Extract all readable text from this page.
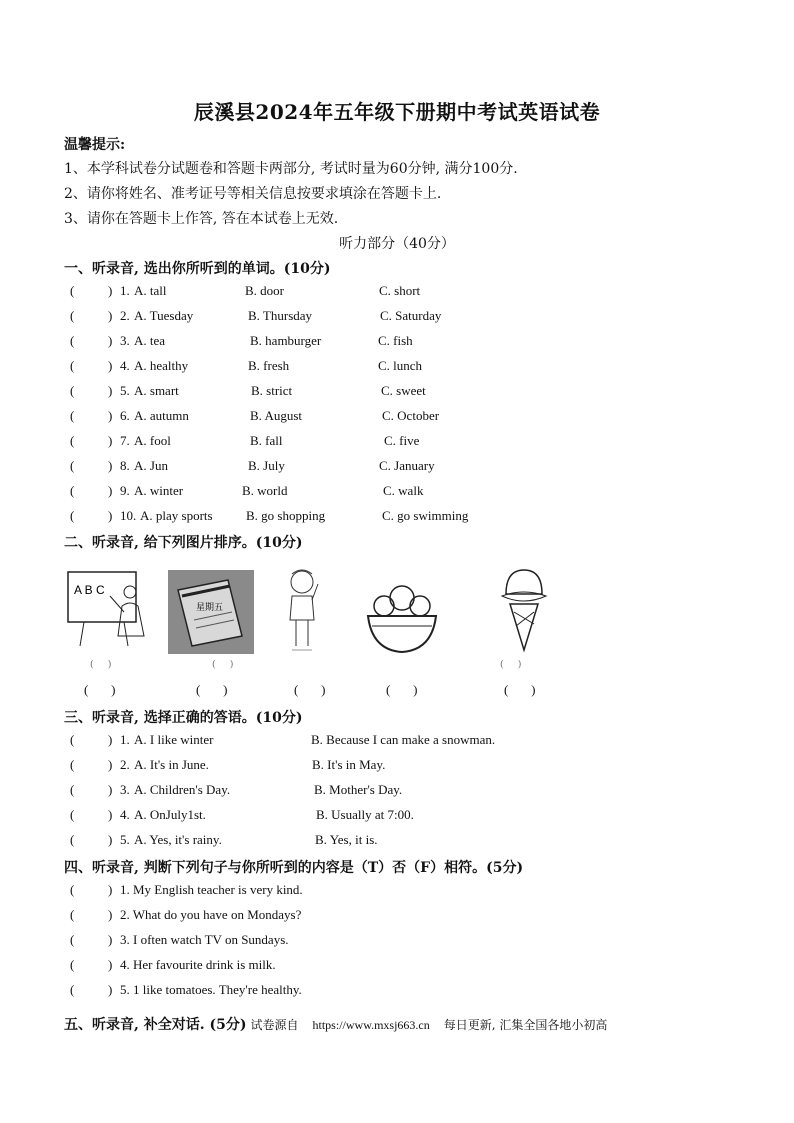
辰溪县2024年五年级下册期中考试英语试卷
温馨提示:
1、本学科试卷分试题卷和答题卡两部分, 考试时量为60分钟, 满分100分.
2、请你将姓名、准考证号等相关信息按要求填涂在答题卡上.
3、请你在答题卡上作答, 答在本试卷上无效.
听力部分（40分）
一、听录音, 选出你所听到的单词。(10分)
(	) 1. A. tall	B. door	C. short
(	) 2. A. Tuesday	B. Thursday	C. Saturday
(	) 3. A. tea	B. hamburger	C. fish
(	) 4. A. healthy	B. fresh	C. lunch
(	) 5. A. smart	B. strict	C. sweet
(	) 6. A. autumn	B. August	C. October
(	) 7. A. fool	B. fall	C. five
(	) 8. A. Jun	B. July	C. January
(	) 9. A. winter	B. world	C. walk
(	) 10. A. play sports	B. go shopping	C. go swimming
二、听录音, 给下列图片排序。(10分)
A B C
星期五
(     )	(     )	(     )
(       )	(       )	(       )	(       )	(       )
三、听录音, 选择正确的答语。(10分)
(	) 1. A. I like winter	B. Because I can make a snowman.
(	) 2. A. It's in June.	B. It's in May.
(	) 3. A. Children's Day.	B. Mother's Day.
(	) 4. A. OnJuly1st.	B. Usually at 7:00.
(	) 5. A. Yes, it's rainy.	B. Yes, it is.
四、听录音, 判断下列句子与你所听到的内容是（T）否（F）相符。(5分)
(	) 1. My English teacher is very kind.
(	) 2. What do you have on Mondays?
(	) 3. I often watch TV on Sundays.
(	) 4. Her favourite drink is milk.
(	) 5. 1 like tomatoes. They're healthy.
五、听录音, 补全对话. (5分) 试卷源自 https://www.mxsj663.cn 每日更新, 汇集全国各地小初高
